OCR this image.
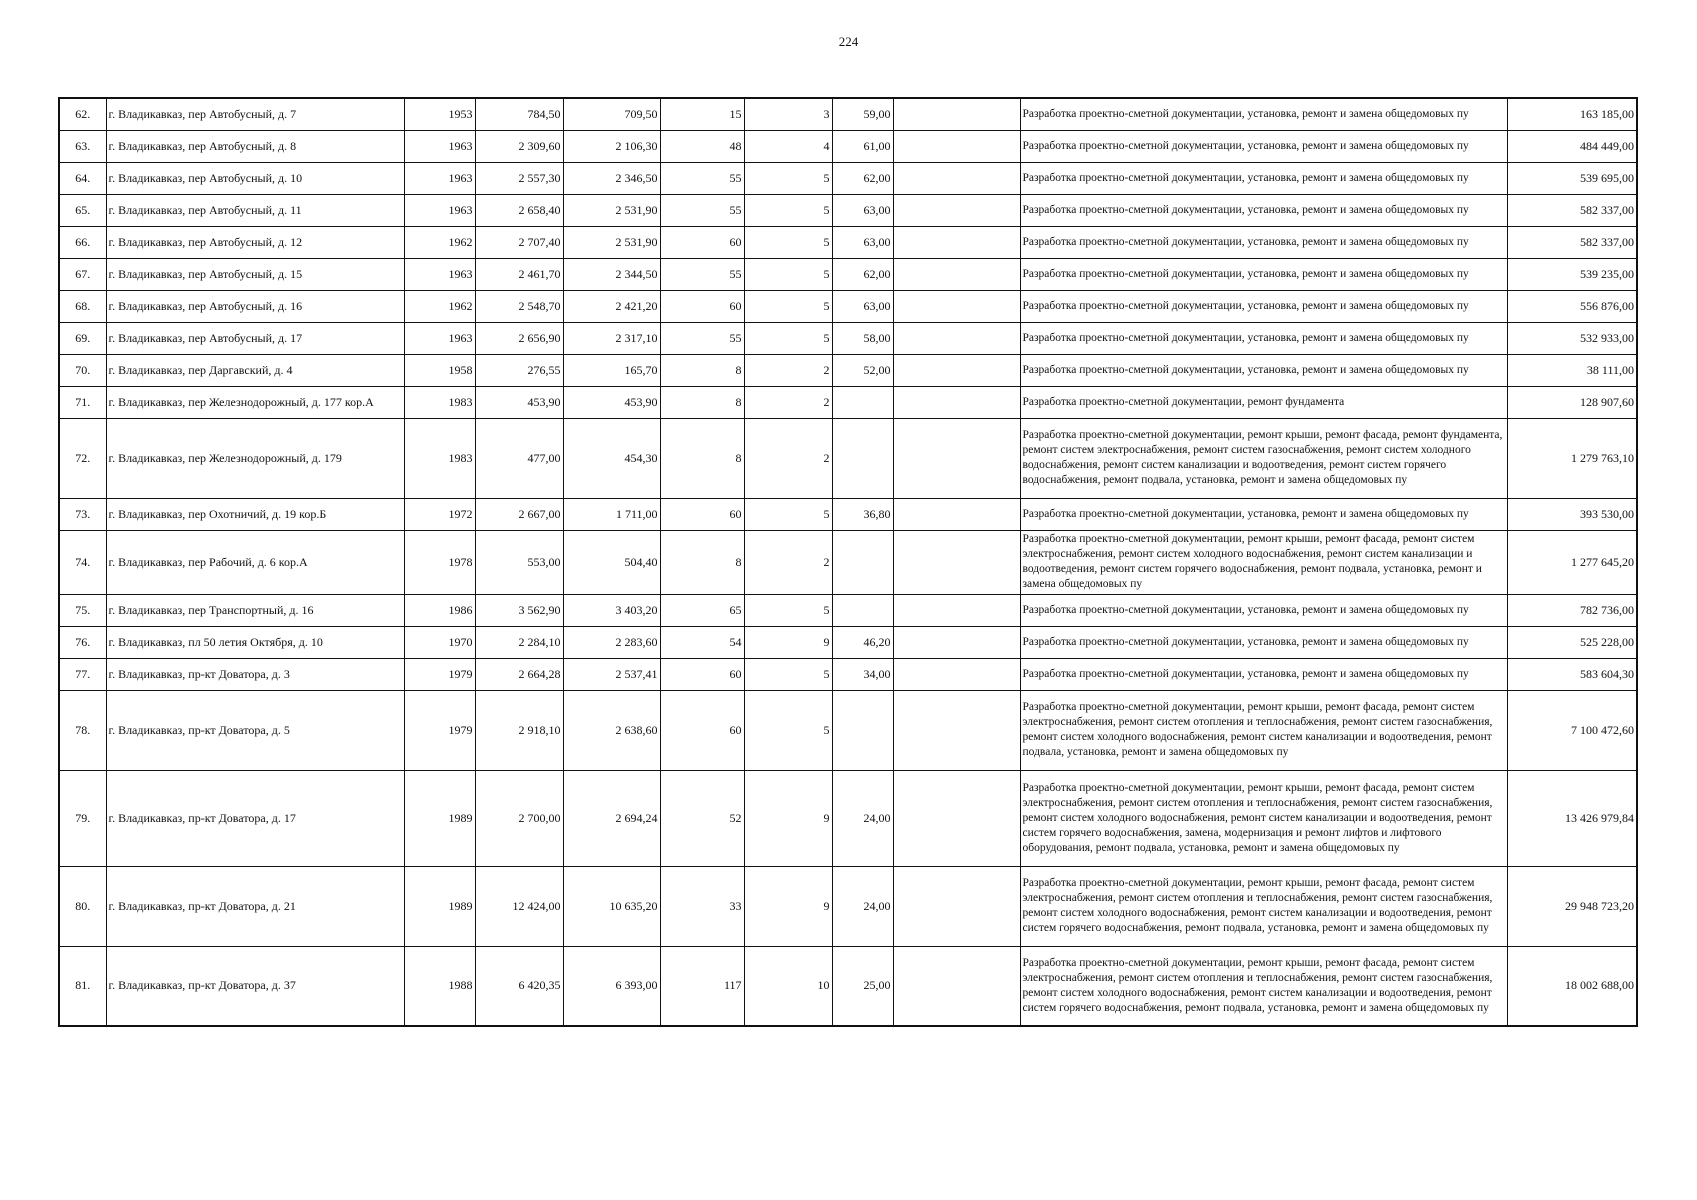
224
62.	г. Владикавказ, пер Автобусный, д. 7	1953	784,50	709,50	15	3	59,00		Разработка проектно-сметной документации, установка, ремонт и замена общедомовых пу	163 185,00
63.	г. Владикавказ, пер Автобусный, д. 8	1963	2 309,60	2 106,30	48	4	61,00		Разработка проектно-сметной документации, установка, ремонт и замена общедомовых пу	484 449,00
64.	г. Владикавказ, пер Автобусный, д. 10	1963	2 557,30	2 346,50	55	5	62,00		Разработка проектно-сметной документации, установка, ремонт и замена общедомовых пу	539 695,00
65.	г. Владикавказ, пер Автобусный, д. 11	1963	2 658,40	2 531,90	55	5	63,00		Разработка проектно-сметной документации, установка, ремонт и замена общедомовых пу	582 337,00
66.	г. Владикавказ, пер Автобусный, д. 12	1962	2 707,40	2 531,90	60	5	63,00		Разработка проектно-сметной документации, установка, ремонт и замена общедомовых пу	582 337,00
67.	г. Владикавказ, пер Автобусный, д. 15	1963	2 461,70	2 344,50	55	5	62,00		Разработка проектно-сметной документации, установка, ремонт и замена общедомовых пу	539 235,00
68.	г. Владикавказ, пер Автобусный, д. 16	1962	2 548,70	2 421,20	60	5	63,00		Разработка проектно-сметной документации, установка, ремонт и замена общедомовых пу	556 876,00
69.	г. Владикавказ, пер Автобусный, д. 17	1963	2 656,90	2 317,10	55	5	58,00		Разработка проектно-сметной документации, установка, ремонт и замена общедомовых пу	532 933,00
70.	г. Владикавказ, пер Даргавский, д. 4	1958	276,55	165,70	8	2	52,00		Разработка проектно-сметной документации, установка, ремонт и замена общедомовых пу	38 111,00
71.	г. Владикавказ, пер Железнодорожный, д. 177 кор.А	1983	453,90	453,90	8	2			Разработка проектно-сметной документации, ремонт фундамента	128 907,60
72.	г. Владикавказ, пер Железнодорожный, д. 179	1983	477,00	454,30	8	2			Разработка проектно-сметной документации, ремонт крыши, ремонт фасада, ремонт фундамента, ремонт систем электроснабжения, ремонт систем газоснабжения, ремонт систем холодного водоснабжения, ремонт систем канализации и водоотведения, ремонт систем горячего водоснабжения, ремонт подвала, установка, ремонт и замена общедомовых пу	1 279 763,10
73.	г. Владикавказ, пер Охотничий, д. 19 кор.Б	1972	2 667,00	1 711,00	60	5	36,80		Разработка проектно-сметной документации, установка, ремонт и замена общедомовых пу	393 530,00
74.	г. Владикавказ, пер Рабочий, д. 6 кор.А	1978	553,00	504,40	8	2			Разработка проектно-сметной документации, ремонт крыши, ремонт фасада, ремонт систем электроснабжения, ремонт систем холодного водоснабжения, ремонт систем канализации и водоотведения, ремонт систем горячего водоснабжения, ремонт подвала, установка, ремонт и замена общедомовых пу	1 277 645,20
75.	г. Владикавказ, пер Транспортный, д. 16	1986	3 562,90	3 403,20	65	5			Разработка проектно-сметной документации, установка, ремонт и замена общедомовых пу	782 736,00
76.	г. Владикавказ, пл 50 летия Октября, д. 10	1970	2 284,10	2 283,60	54	9	46,20		Разработка проектно-сметной документации, установка, ремонт и замена общедомовых пу	525 228,00
77.	г. Владикавказ, пр-кт Доватора, д. 3	1979	2 664,28	2 537,41	60	5	34,00		Разработка проектно-сметной документации, установка, ремонт и замена общедомовых пу	583 604,30
78.	г. Владикавказ, пр-кт Доватора, д. 5	1979	2 918,10	2 638,60	60	5			Разработка проектно-сметной документации, ремонт крыши, ремонт фасада, ремонт систем электроснабжения, ремонт систем отопления и теплоснабжения, ремонт систем газоснабжения, ремонт систем холодного водоснабжения, ремонт систем канализации и водоотведения, ремонт подвала, установка, ремонт и замена общедомовых пу	7 100 472,60
79.	г. Владикавказ, пр-кт Доватора, д. 17	1989	2 700,00	2 694,24	52	9	24,00		Разработка проектно-сметной документации, ремонт крыши, ремонт фасада, ремонт систем электроснабжения, ремонт систем отопления и теплоснабжения, ремонт систем газоснабжения, ремонт систем холодного водоснабжения, ремонт систем канализации и водоотведения, ремонт систем горячего водоснабжения, замена, модернизация и ремонт лифтов и лифтового оборудования, ремонт подвала, установка, ремонт и замена общедомовых пу	13 426 979,84
80.	г. Владикавказ, пр-кт Доватора, д. 21	1989	12 424,00	10 635,20	33	9	24,00		Разработка проектно-сметной документации, ремонт крыши, ремонт фасада, ремонт систем электроснабжения, ремонт систем отопления и теплоснабжения, ремонт систем газоснабжения, ремонт систем холодного водоснабжения, ремонт систем канализации и водоотведения, ремонт систем горячего водоснабжения, ремонт подвала, установка, ремонт и замена общедомовых пу	29 948 723,20
81.	г. Владикавказ, пр-кт Доватора, д. 37	1988	6 420,35	6 393,00	117	10	25,00		Разработка проектно-сметной документации, ремонт крыши, ремонт фасада, ремонт систем электроснабжения, ремонт систем отопления и теплоснабжения, ремонт систем газоснабжения, ремонт систем холодного водоснабжения, ремонт систем канализации и водоотведения, ремонт систем горячего водоснабжения, ремонт подвала, установка, ремонт и замена общедомовых пу	18 002 688,00
